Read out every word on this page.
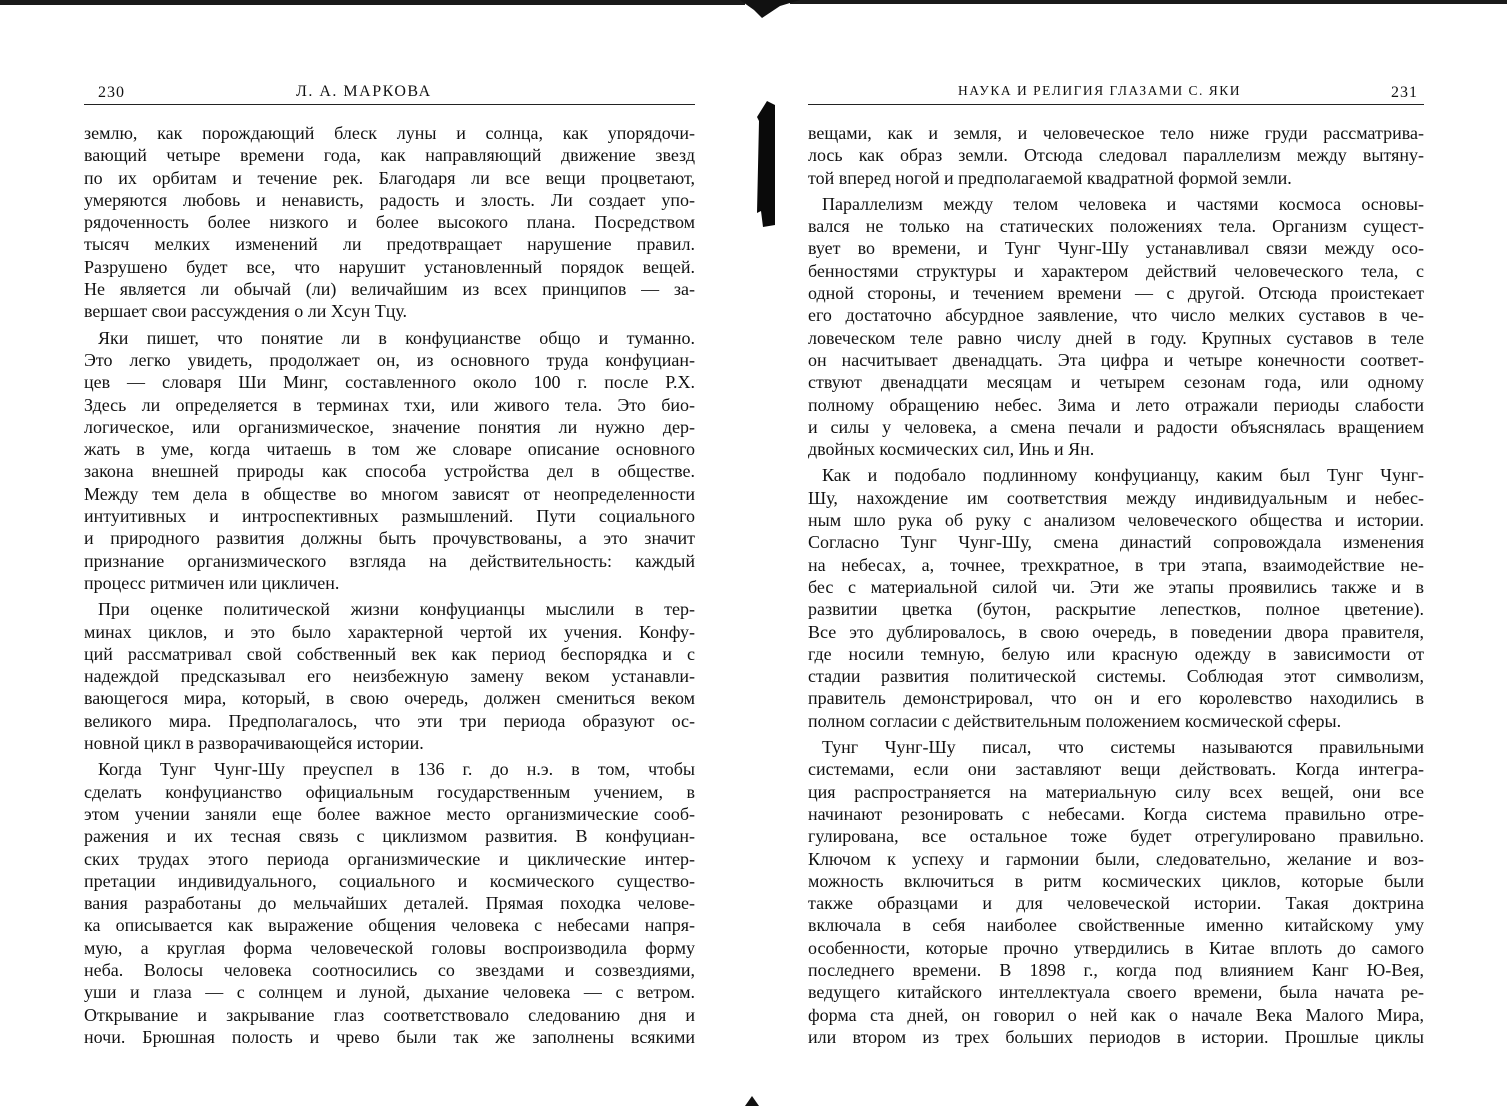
230	Л. А. МАРКОВА
землю, как порождающий блеск луны и солнца, как упорядочи-
вающий четыре времени года, как направляющий движение звезд
по их орбитам и течение рек. Благодаря ли все вещи процветают,
умеряются любовь и ненависть, радость и злость. Ли создает упо-
рядоченность более низкого и более высокого плана. Посредством
тысяч мелких изменений ли предотвращает нарушение правил.
Разрушено будет все, что нарушит установленный порядок вещей.
Не является ли обычай (ли) величайшим из всех принципов — за-
вершает свои рассуждения о ли Хсун Тцу.
Яки пишет, что понятие ли в конфуцианстве общо и туманно.
Это легко увидеть, продолжает он, из основного труда конфуциан-
цев — словаря Ши Минг, составленного около 100 г. после Р.Х.
Здесь ли определяется в терминах тхи, или живого тела. Это био-
логическое, или организмическое, значение понятия ли нужно дер-
жать в уме, когда читаешь в том же словаре описание основного
закона внешней природы как способа устройства дел в обществе.
Между тем дела в обществе во многом зависят от неопределенности
интуитивных и интроспективных размышлений. Пути социального
и природного развития должны быть прочувствованы, а это значит
признание организмического взгляда на действительность: каждый
процесс ритмичен или цикличен.
При оценке политической жизни конфуцианцы мыслили в тер-
минах циклов, и это было характерной чертой их учения. Конфу-
ций рассматривал свой собственный век как период беспорядка и с
надеждой предсказывал его неизбежную замену веком устанавли-
вающегося мира, который, в свою очередь, должен смениться веком
великого мира. Предполагалось, что эти три периода образуют ос-
новной цикл в разворачивающейся истории.
Когда Тунг Чунг-Шу преуспел в 136 г. до н.э. в том, чтобы
сделать конфуцианство официальным государственным учением, в
этом учении заняли еще более важное место организмические сооб-
ражения и их тесная связь с циклизмом развития. В конфуциан-
ских трудах этого периода организмические и циклические интер-
претации индивидуального, социального и космического существо-
вания разработаны до мельчайших деталей. Прямая походка челове-
ка описывается как выражение общения человека с небесами напря-
мую, а круглая форма человеческой головы воспроизводила форму
неба. Волосы человека соотносились со звездами и созвездиями,
уши и глаза — с солнцем и луной, дыхание человека — с ветром.
Открывание и закрывание глаз соответствовало следованию дня и
ночи. Брюшная полость и чрево были так же заполнены всякими
НАУКА И РЕЛИГИЯ ГЛАЗАМИ С. ЯКИ	231
вещами, как и земля, и человеческое тело ниже груди рассматрива-
лось как образ земли. Отсюда следовал параллелизм между вытяну-
той вперед ногой и предполагаемой квадратной формой земли.
Параллелизм между телом человека и частями космоса основы-
вался не только на статических положениях тела. Организм сущест-
вует во времени, и Тунг Чунг-Шу устанавливал связи между осо-
бенностями структуры и характером действий человеческого тела, с
одной стороны, и течением времени — с другой. Отсюда проистекает
его достаточно абсурдное заявление, что число мелких суставов в че-
ловеческом теле равно числу дней в году. Крупных суставов в теле
он насчитывает двенадцать. Эта цифра и четыре конечности соответ-
ствуют двенадцати месяцам и четырем сезонам года, или одному
полному обращению небес. Зима и лето отражали периоды слабости
и силы у человека, а смена печали и радости объяснялась вращением
двойных космических сил, Инь и Ян.
Как и подобало подлинному конфуцианцу, каким был Тунг Чунг-
Шу, нахождение им соответствия между индивидуальным и небес-
ным шло рука об руку с анализом человеческого общества и истории.
Согласно Тунг Чунг-Шу, смена династий сопровождала изменения
на небесах, а, точнее, трехкратное, в три этапа, взаимодействие не-
бес с материальной силой чи. Эти же этапы проявились также и в
развитии цветка (бутон, раскрытие лепестков, полное цветение).
Все это дублировалось, в свою очередь, в поведении двора правителя,
где носили темную, белую или красную одежду в зависимости от
стадии развития политической системы. Соблюдая этот символизм,
правитель демонстрировал, что он и его королевство находились в
полном согласии с действительным положением космической сферы.
Тунг Чунг-Шу писал, что системы называются правильными
системами, если они заставляют вещи действовать. Когда интегра-
ция распространяется на материальную силу всех вещей, они все
начинают резонировать с небесами. Когда система правильно отре-
гулирована, все остальное тоже будет отрегулировано правильно.
Ключом к успеху и гармонии были, следовательно, желание и воз-
можность включиться в ритм космических циклов, которые были
также образцами и для человеческой истории. Такая доктрина
включала в себя наиболее свойственные именно китайскому уму
особенности, которые прочно утвердились в Китае вплоть до самого
последнего времени. В 1898 г., когда под влиянием Канг Ю-Вея,
ведущего китайского интеллектуала своего времени, была начата ре-
форма ста дней, он говорил о ней как о начале Века Малого Мира,
или втором из трех больших периодов в истории. Прошлые циклы
